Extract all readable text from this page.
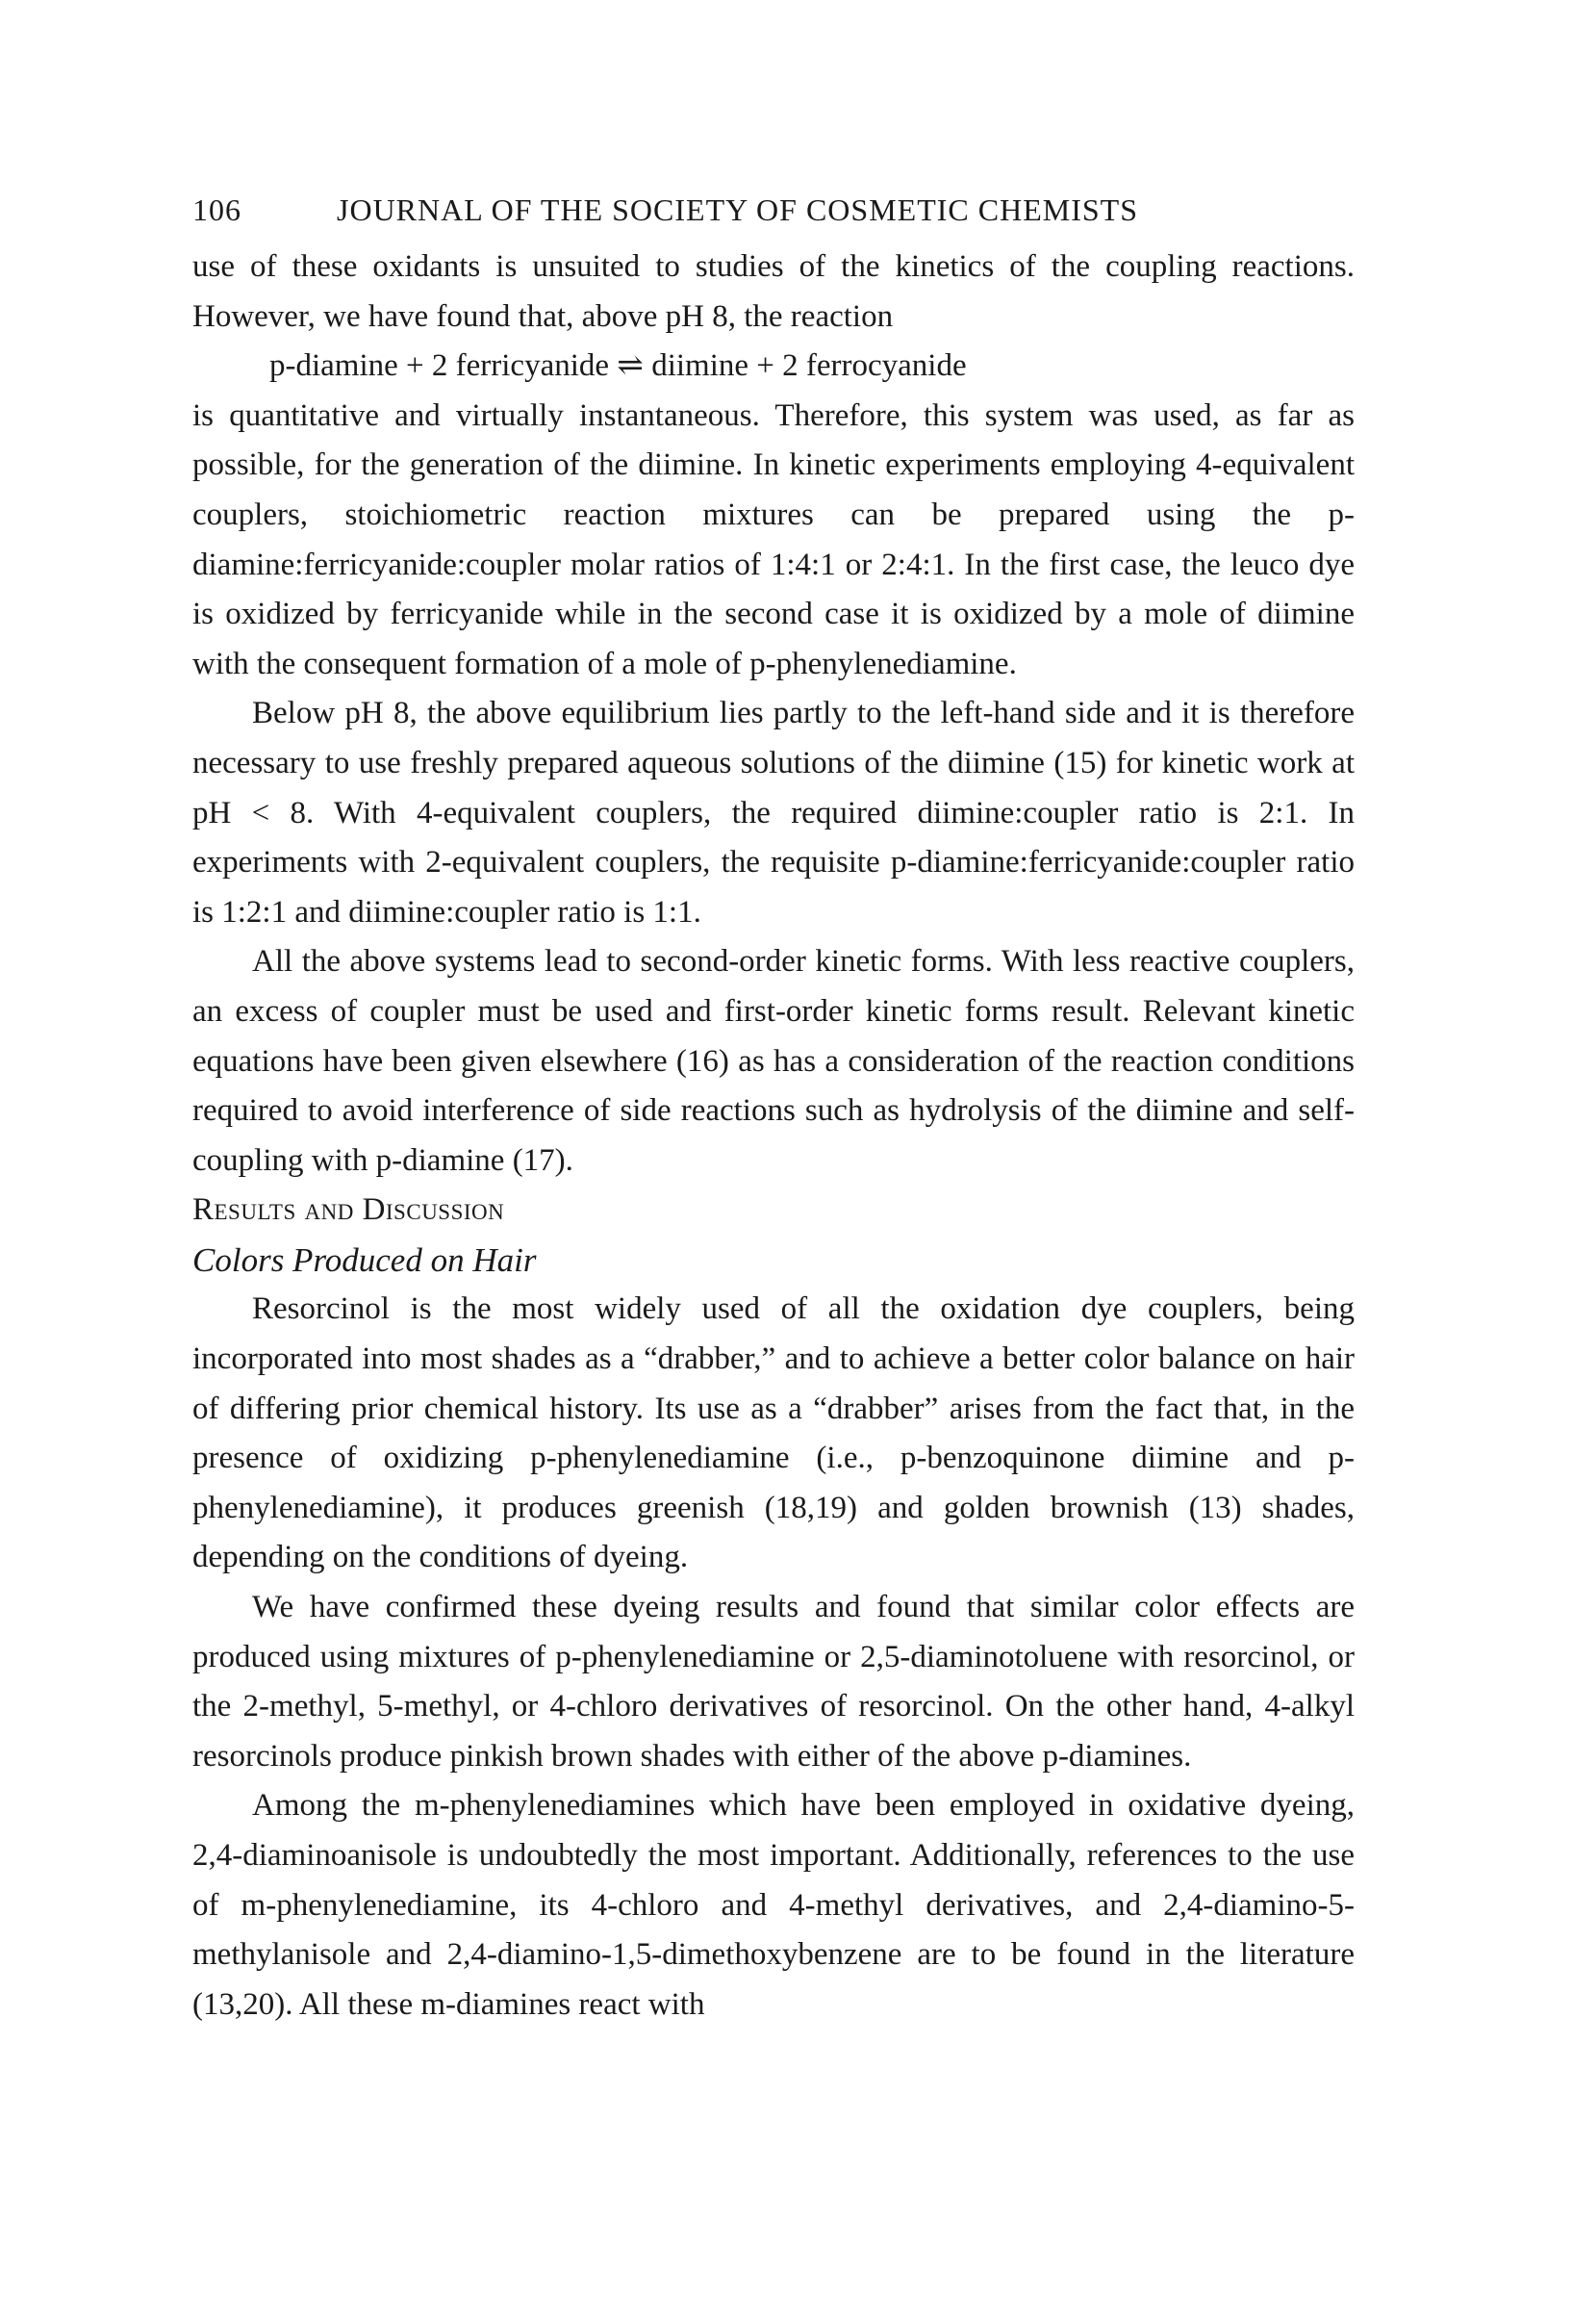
106	JOURNAL OF THE SOCIETY OF COSMETIC CHEMISTS

use of these oxidants is unsuited to studies of the kinetics of the coupling reactions. However, we have found that, above pH 8, the reaction

p-diamine + 2 ferricyanide ⇌ diimine + 2 ferrocyanide

is quantitative and virtually instantaneous. Therefore, this system was used, as far as possible, for the generation of the diimine. In kinetic experiments employing 4-equivalent couplers, stoichiometric reaction mixtures can be prepared using the p-diamine:ferricyanide:coupler molar ratios of 1:4:1 or 2:4:1. In the first case, the leuco dye is oxidized by ferricyanide while in the second case it is oxidized by a mole of diimine with the consequent formation of a mole of p-phenylenediamine.

Below pH 8, the above equilibrium lies partly to the left-hand side and it is therefore necessary to use freshly prepared aqueous solutions of the diimine (15) for kinetic work at pH < 8. With 4-equivalent couplers, the required diimine:coupler ratio is 2:1. In experiments with 2-equivalent couplers, the requisite p-diamine:ferricyanide:coupler ratio is 1:2:1 and diimine:coupler ratio is 1:1.

All the above systems lead to second-order kinetic forms. With less reactive couplers, an excess of coupler must be used and first-order kinetic forms result. Relevant kinetic equations have been given elsewhere (16) as has a consideration of the reaction conditions required to avoid interference of side reactions such as hydrolysis of the diimine and self-coupling with p-diamine (17).

Results and Discussion

Colors Produced on Hair

Resorcinol is the most widely used of all the oxidation dye couplers, being incorporated into most shades as a “drabber,” and to achieve a better color balance on hair of differing prior chemical history. Its use as a “drabber” arises from the fact that, in the presence of oxidizing p-phenylenediamine (i.e., p-benzoquinone diimine and p-phenylenediamine), it produces greenish (18,19) and golden brownish (13) shades, depending on the conditions of dyeing.

We have confirmed these dyeing results and found that similar color effects are produced using mixtures of p-phenylenediamine or 2,5-diaminotoluene with resorcinol, or the 2-methyl, 5-methyl, or 4-chloro derivatives of resorcinol. On the other hand, 4-alkyl resorcinols produce pinkish brown shades with either of the above p-diamines.

Among the m-phenylenediamines which have been employed in oxidative dyeing, 2,4-diaminoanisole is undoubtedly the most important. Additionally, references to the use of m-phenylenediamine, its 4-chloro and 4-methyl derivatives, and 2,4-diamino-5-methylanisole and 2,4-diamino-1,5-dimethoxybenzene are to be found in the literature (13,20). All these m-diamines react with
